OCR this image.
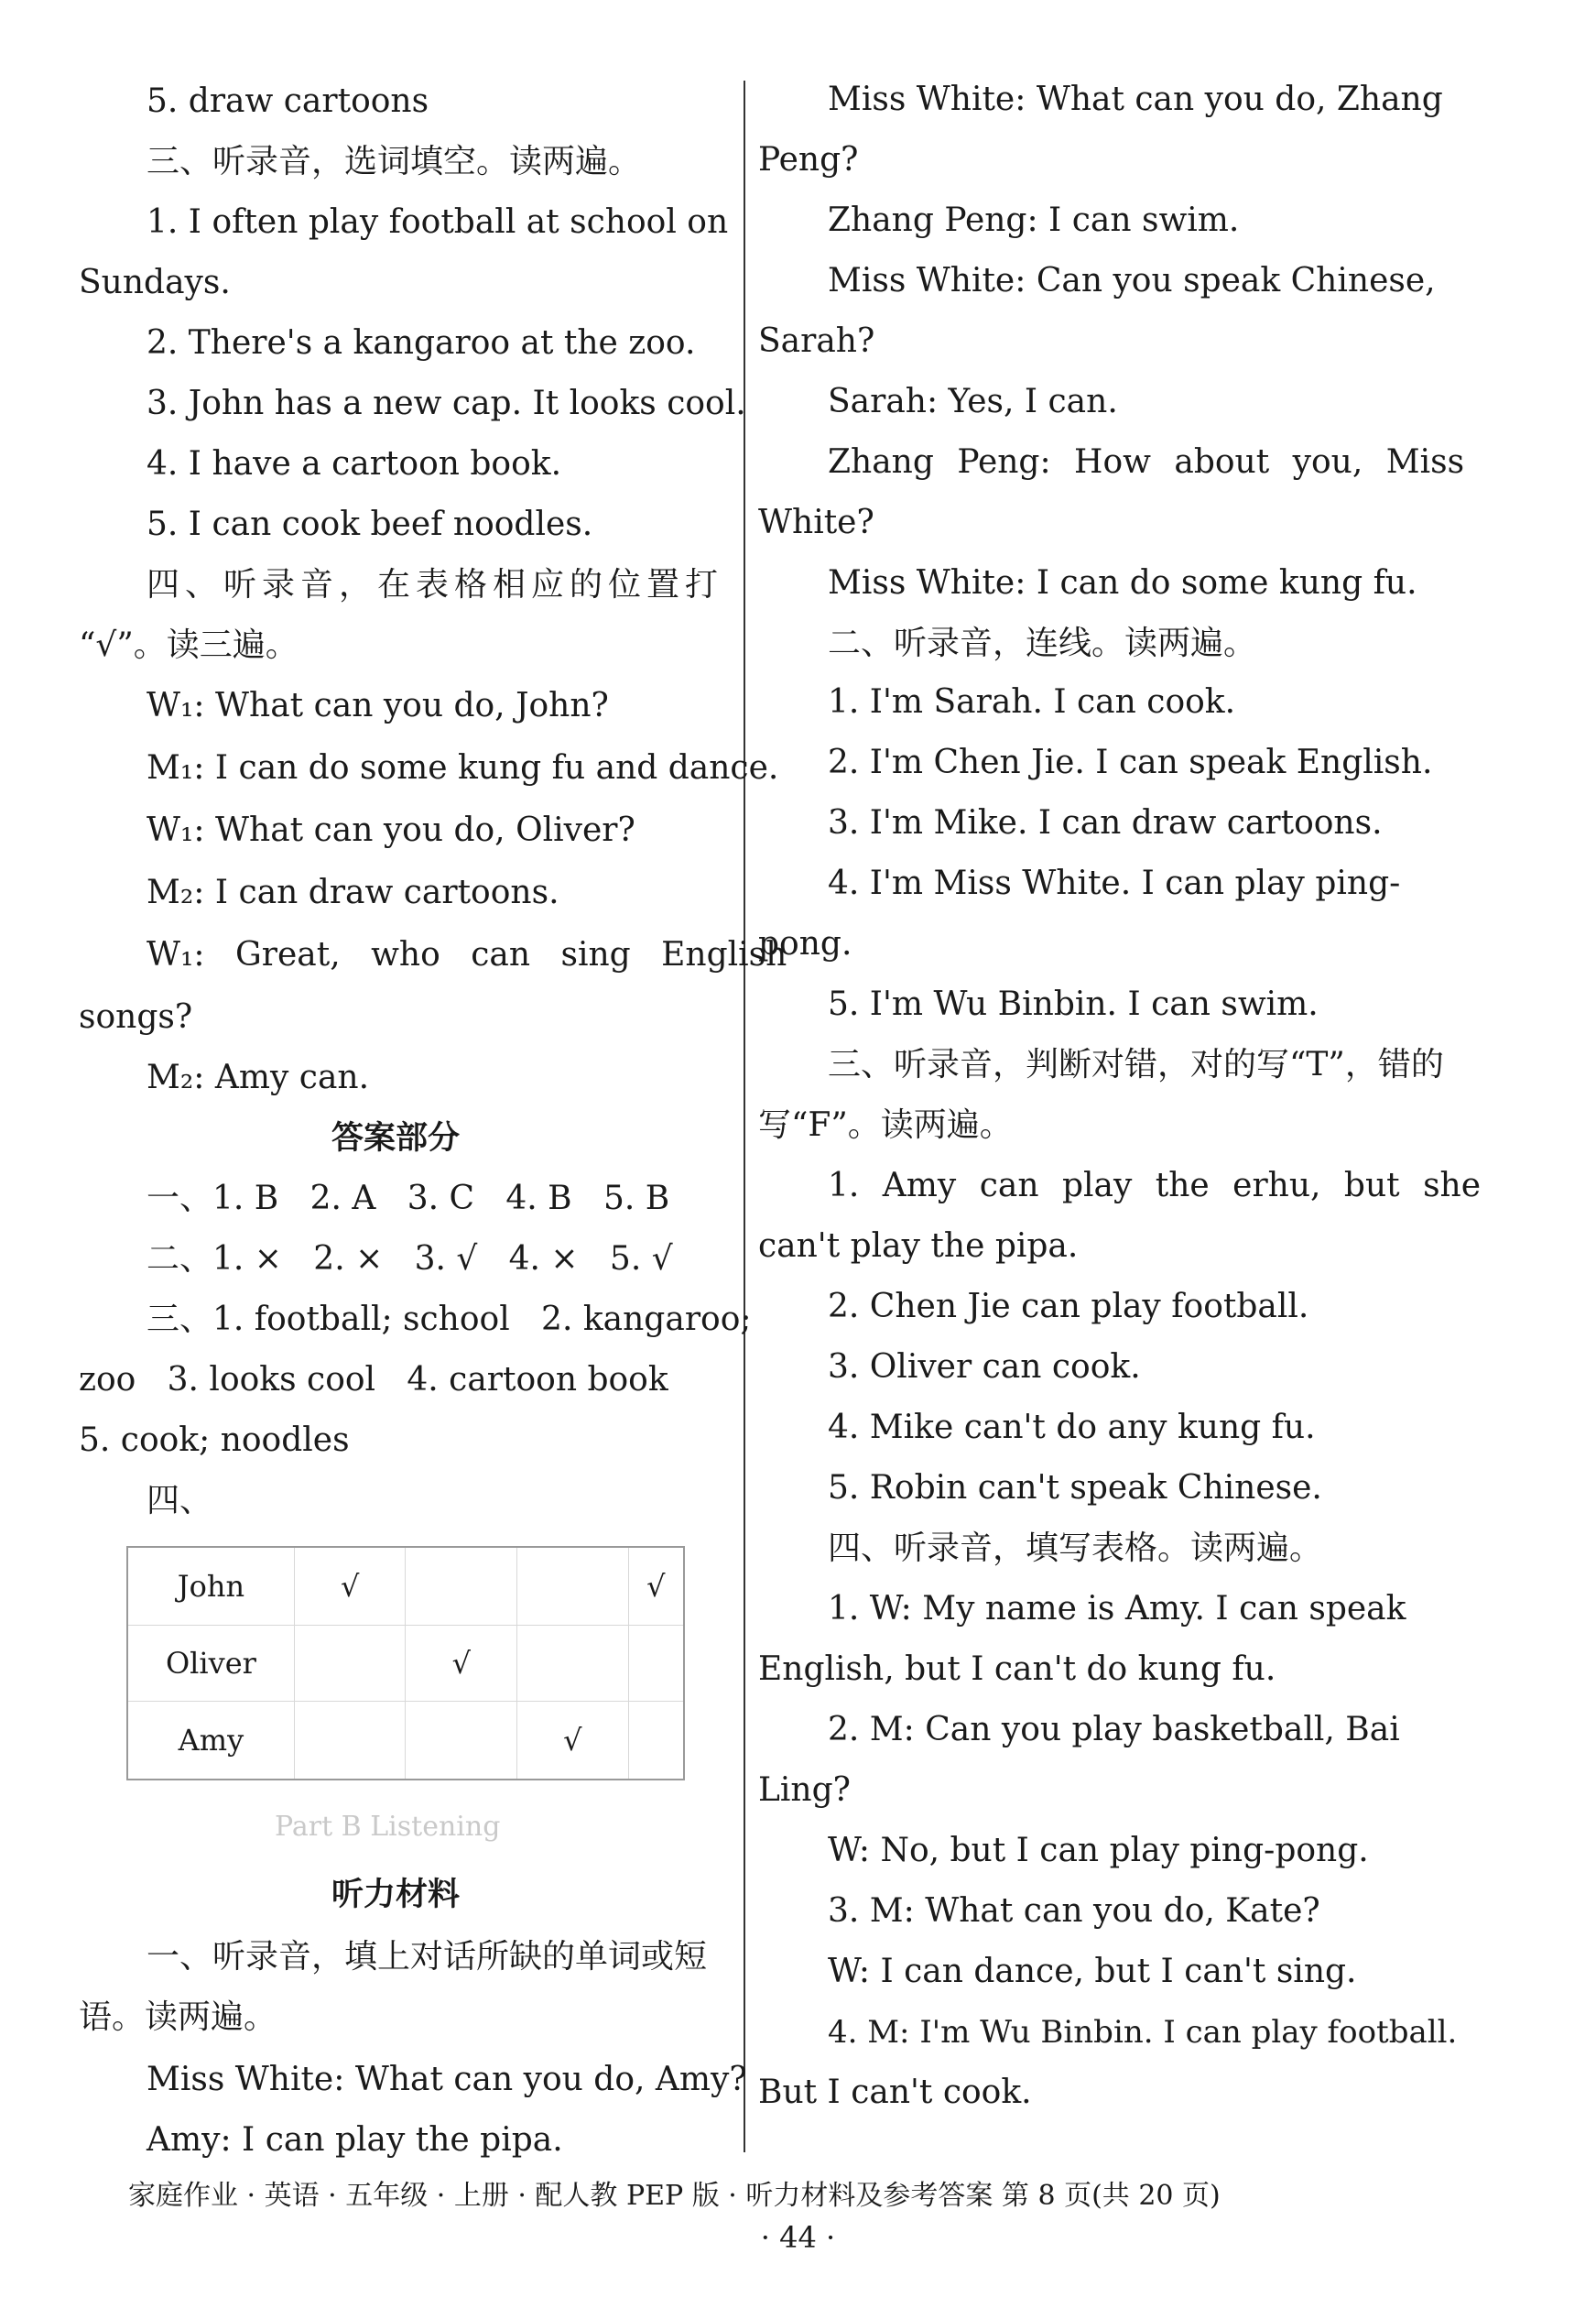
5. draw cartoons

三、听录音，选词填空。读两遍。

1. I often play football at school on

Sundays.

2. There's a kangaroo at the zoo.

3. John has a new cap. It looks cool.

4. I have a cartoon book.

5. I can cook beef noodles.

四、听录音，在表格相应的位置打

“√”。读三遍。

W₁: What can you do, John?

M₁: I can do some kung fu and dance.

W₁: What can you do, Oliver?

M₂: I can draw cartoons.

W₁: Great, who can sing English

songs?

M₂: Amy can.

答案部分

一、1. B   2. A   3. C   4. B   5. B

二、1. ×   2. ×   3. √   4. ×   5. √

三、1. football; school   2. kangaroo;

zoo   3. looks cool   4. cartoon book

5. cook; noodles

四、

John	√			√
Oliver		√		
Amy			√	

Part B Listening

听力材料

一、听录音，填上对话所缺的单词或短

语。读两遍。

Miss White: What can you do, Amy?

Amy: I can play the pipa.

Miss White: What can you do, Zhang

Peng?

Zhang Peng: I can swim.

Miss White: Can you speak Chinese,

Sarah?

Sarah: Yes, I can.

Zhang Peng: How about you, Miss

White?

Miss White: I can do some kung fu.

二、听录音，连线。读两遍。

1. I'm Sarah. I can cook.

2. I'm Chen Jie. I can speak English.

3. I'm Mike. I can draw cartoons.

4. I'm Miss White. I can play ping-

pong.

5. I'm Wu Binbin. I can swim.

三、听录音，判断对错，对的写“T”，错的

写“F”。读两遍。

1. Amy can play the erhu, but she

can't play the pipa.

2. Chen Jie can play football.

3. Oliver can cook.

4. Mike can't do any kung fu.

5. Robin can't speak Chinese.

四、听录音，填写表格。读两遍。

1. W: My name is Amy. I can speak

English, but I can't do kung fu.

2. M: Can you play basketball, Bai

Ling?

W: No, but I can play ping-pong.

3. M: What can you do, Kate?

W: I can dance, but I can't sing.

4. M: I'm Wu Binbin. I can play football.

But I can't cook.

家庭作业 · 英语 · 五年级 · 上册 · 配人教 PEP 版 · 听力材料及参考答案 第 8 页(共 20 页)
· 44 ·
